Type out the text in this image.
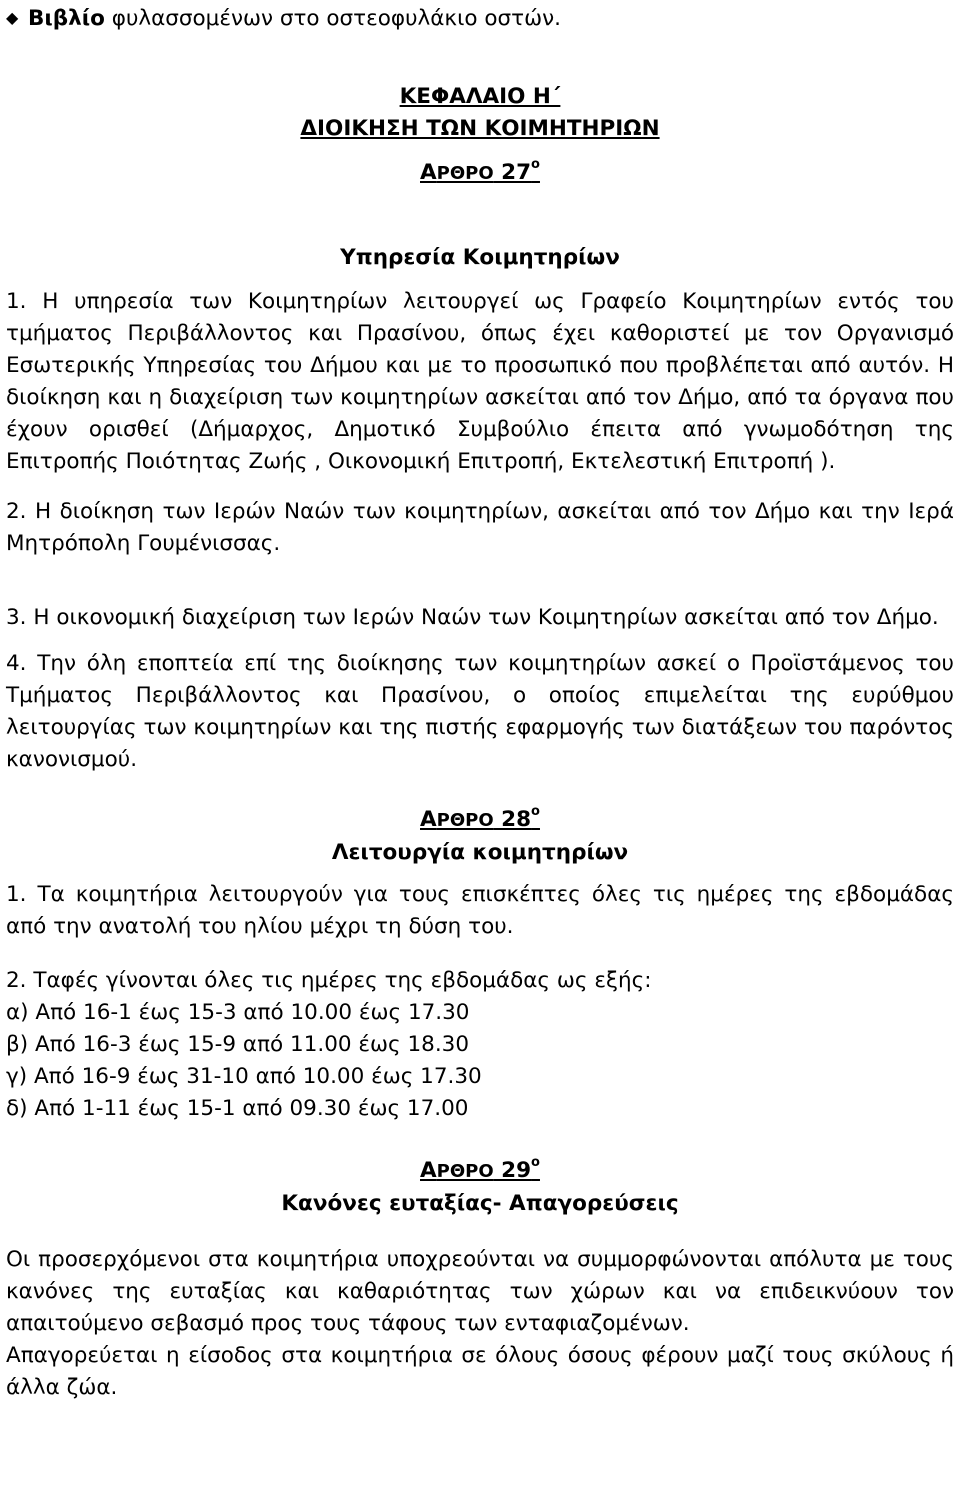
◆ Βιβλίο φυλασσομένων στο οστεοφυλάκιο οστών.

ΚΕΦΑΛΑΙΟ Η΄

ΔΙΟΙΚΗΣΗ ΤΩΝ ΚΟΙΜΗΤΗΡΙΩΝ

ΑΡΘΡΟ $27^o$

Υπηρεσία Κοιμητηρίων

1. Η υπηρεσία των Κοιμητηρίων λειτουργεί ως Γραφείο Κοιμητηρίων εντός του τμήματος Περιβάλλοντος και Πρασίνου, όπως έχει καθοριστεί με τον Οργανισμό Εσωτερικής Υπηρεσίας του Δήμου και με το προσωπικό που προβλέπεται από αυτόν. Η διοίκηση και η διαχείριση των κοιμητηρίων ασκείται από τον Δήμο, από τα όργανα που έχουν ορισθεί (Δήμαρχος, Δημοτικό Συμβούλιο έπειτα από γνωμοδότηση της Επιτροπής Ποιότητας Ζωής , Οικονομική Επιτροπή, Εκτελεστική Επιτροπή ).

2. Η διοίκηση των Ιερών Ναών των κοιμητηρίων, ασκείται από τον Δήμο και την Ιερά Μητρόπολη Γουμένισσας.

3. Η οικονομική διαχείριση των Ιερών Ναών των Κοιμητηρίων ασκείται από τον Δήμο.

4. Την όλη εποπτεία επί της διοίκησης των κοιμητηρίων ασκεί ο Προϊστάμενος του Τμήματος Περιβάλλοντος και Πρασίνου, ο οποίος επιμελείται της ευρύθμου λειτουργίας των κοιμητηρίων και της πιστής εφαρμογής των διατάξεων του παρόντος κανονισμού.

ΑΡΘΡΟ $28^o$

Λειτουργία κοιμητηρίων

1. Τα κοιμητήρια λειτουργούν για τους επισκέπτες όλες τις ημέρες της εβδομάδας από την ανατολή του ηλίου μέχρι τη δύση του.

2. Ταφές γίνονται όλες τις ημέρες της εβδομάδας ως εξής:

α) Από 16-1 έως 15-3 από 10.00 έως 17.30

β) Από 16-3 έως 15-9 από 11.00 έως 18.30

γ) Από 16-9 έως 31-10 από 10.00 έως 17.30

δ) Από 1-11 έως 15-1 από 09.30 έως 17.00

ΑΡΘΡΟ $29^o$

Κανόνες ευταξίας- Απαγορεύσεις

Οι προσερχόμενοι στα κοιμητήρια υποχρεούνται να συμμορφώνονται απόλυτα με τους κανόνες της ευταξίας και καθαριότητας των χώρων και να επιδεικνύουν τον απαιτούμενο σεβασμό προς τους τάφους των ενταφιαζομένων.

Απαγορεύεται η είσοδος στα κοιμητήρια σε όλους όσους φέρουν μαζί τους σκύλους ή άλλα ζώα.
